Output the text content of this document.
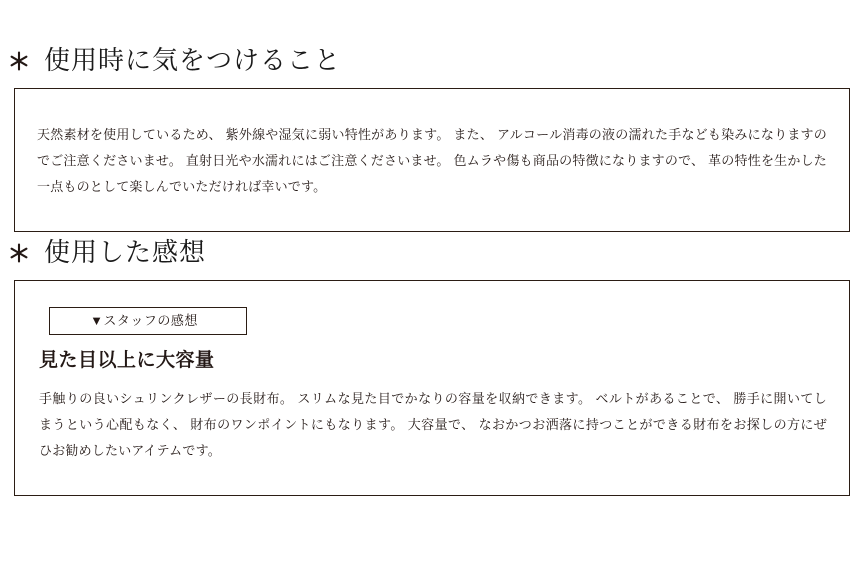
使用時に気をつけること

天然素材を使用しているため、 紫外線や湿気に弱い特性があります。 また、 アルコール消毒の液の濡れた手なども染みになりますのでご注意くださいませ。 直射日光や水濡れにはご注意くださいませ。 色ムラや傷も商品の特徴になりますので、 革の特性を生かした一点ものとして楽しんでいただければ幸いです。

使用した感想
▼スタッフの感想
見た目以上に大容量

手触りの良いシュリンクレザーの長財布。 スリムな見た目でかなりの容量を収納できます。 ベルトがあることで、 勝手に開いてしまうという心配もなく、 財布のワンポイントにもなります。 大容量で、 なおかつお洒落に持つことができる財布をお探しの方にぜひお勧めしたいアイテムです。
